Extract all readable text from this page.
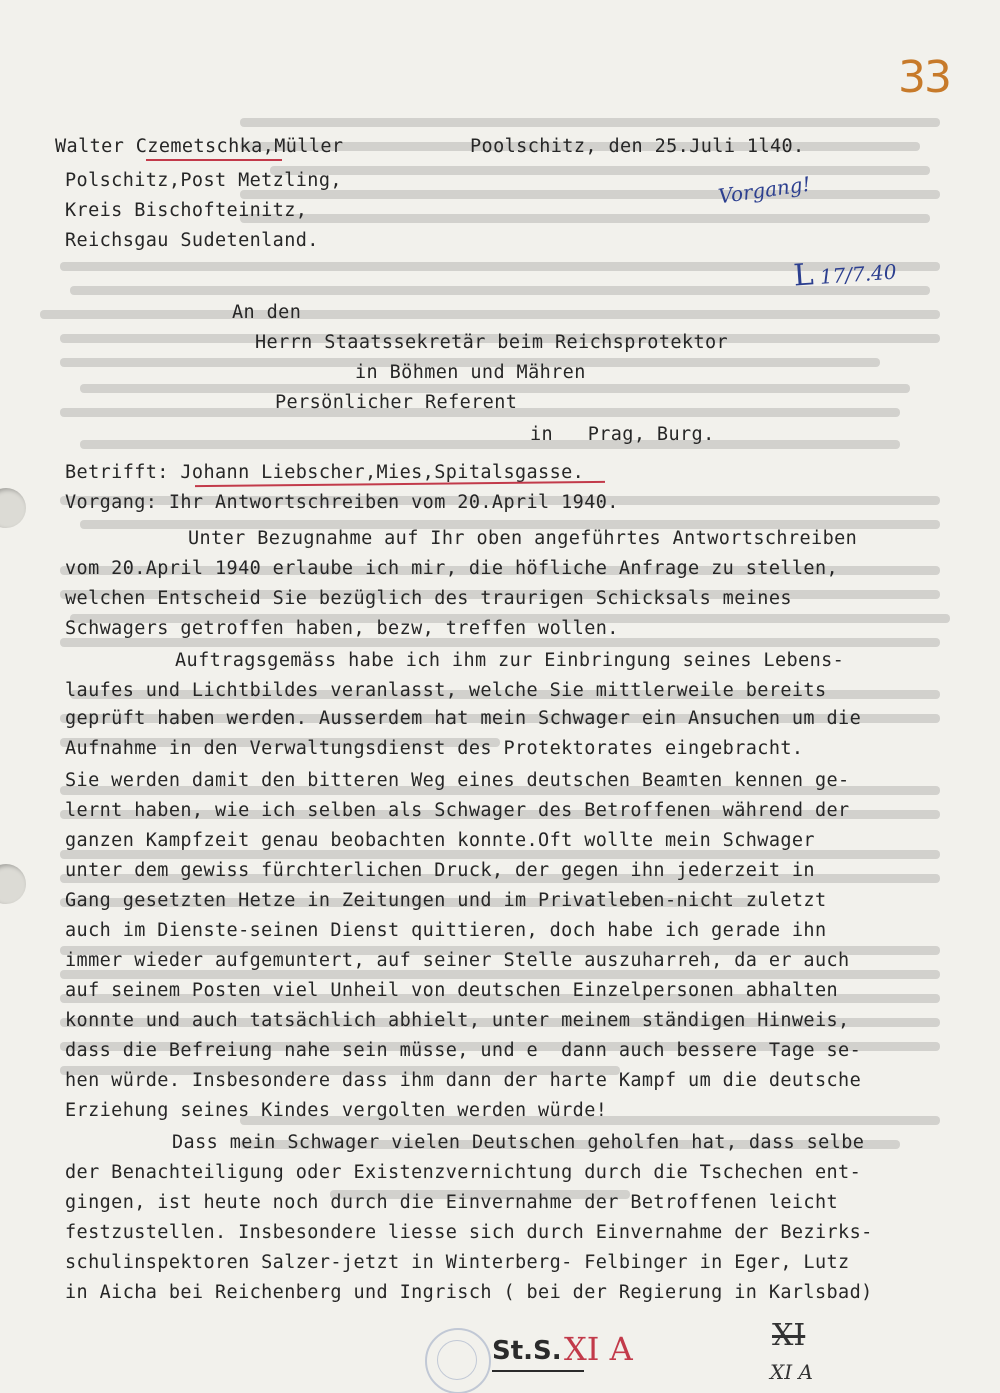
33

Walter Czemetschka,Müller

Polschitz,Post Metzling,

Kreis Bischofteinitz,

Reichsgau Sudetenland.

Poolschitz, den 25.Juli 1l40.

Vorgang!

L 17/7.40

An den

Herrn Staatssekretär beim Reichsprotektor

in Böhmen und Mähren

Persönlicher Referent

in   Prag, Burg.

Betrifft: Johann Liebscher,Mies,Spitalsgasse.

Vorgang: Ihr Antwortschreiben vom 20.April 1940.

Unter Bezugnahme auf Ihr oben angeführtes Antwortschreiben

vom 20.April 1940 erlaube ich mir, die höfliche Anfrage zu stellen,

welchen Entscheid Sie bezüglich des traurigen Schicksals meines

Schwagers getroffen haben, bezw, treffen wollen.

Auftragsgemäss habe ich ihm zur Einbringung seines Lebens-

laufes und Lichtbildes veranlasst, welche Sie mittlerweile bereits

geprüft haben werden. Ausserdem hat mein Schwager ein Ansuchen um die

Aufnahme in den Verwaltungsdienst des Protektorates eingebracht.

Sie werden damit den bitteren Weg eines deutschen Beamten kennen ge-

lernt haben, wie ich selben als Schwager des Betroffenen während der

ganzen Kampfzeit genau beobachten konnte.Oft wollte mein Schwager

unter dem gewiss fürchterlichen Druck, der gegen ihn jederzeit in

Gang gesetzten Hetze in Zeitungen und im Privatleben-nicht zuletzt

auch im Dienste-seinen Dienst quittieren, doch habe ich gerade ihn

immer wieder aufgemuntert, auf seiner Stelle auszuharreh, da er auch

auf seinem Posten viel Unheil von deutschen Einzelpersonen abhalten

konnte und auch tatsächlich abhielt, unter meinem ständigen Hinweis,

dass die Befreiung nahe sein müsse, und e  dann auch bessere Tage se-

hen würde. Insbesondere dass ihm dann der harte Kampf um die deutsche

Erziehung seines Kindes vergolten werden würde!

Dass mein Schwager vielen Deutschen geholfen hat, dass selbe

der Benachteiligung oder Existenzvernichtung durch die Tschechen ent-

gingen, ist heute noch durch die Einvernahme der Betroffenen leicht

festzustellen. Insbesondere liesse sich durch Einvernahme der Bezirks-

schulinspektoren Salzer-jetzt in Winterberg- Felbinger in Eger, Lutz

in Aicha bei Reichenberg und Ingrisch ( bei der Regierung in Karlsbad)

St.S. XI A	XI
XI A
